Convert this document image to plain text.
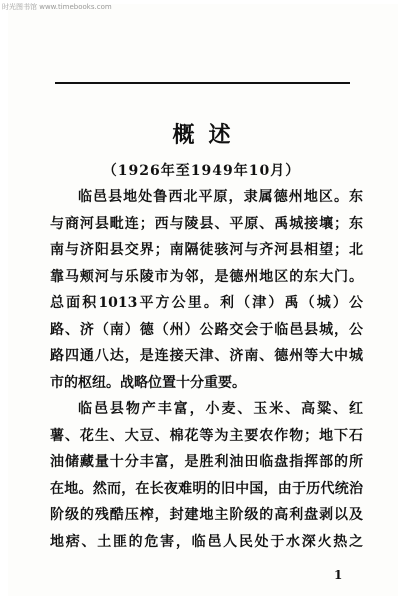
时光图书馆 www.timebooks.com
概述
（1926年至1949年10月）
临邑县地处鲁西北平原，隶属德州地区。东
与商河县毗连；西与陵县、平原、禹城接壤；东
南与济阳县交界；南隔徒骇河与齐河县相望；北
靠马颊河与乐陵市为邻，是德州地区的东大门。
总面积1013平方公里。利（津）禹（城）公
路、济（南）德（州）公路交会于临邑县城，公
路四通八达，是连接天津、济南、德州等大中城
市的枢纽。战略位置十分重要。
临邑县物产丰富，小麦、玉米、高粱、红
薯、花生、大豆、棉花等为主要农作物；地下石
油储藏量十分丰富，是胜利油田临盘指挥部的所
在地。然而，在长夜难明的旧中国，由于历代统治
阶级的残酷压榨，封建地主阶级的高利盘剥以及
地痞、土匪的危害，临邑人民处于水深火热之
1
